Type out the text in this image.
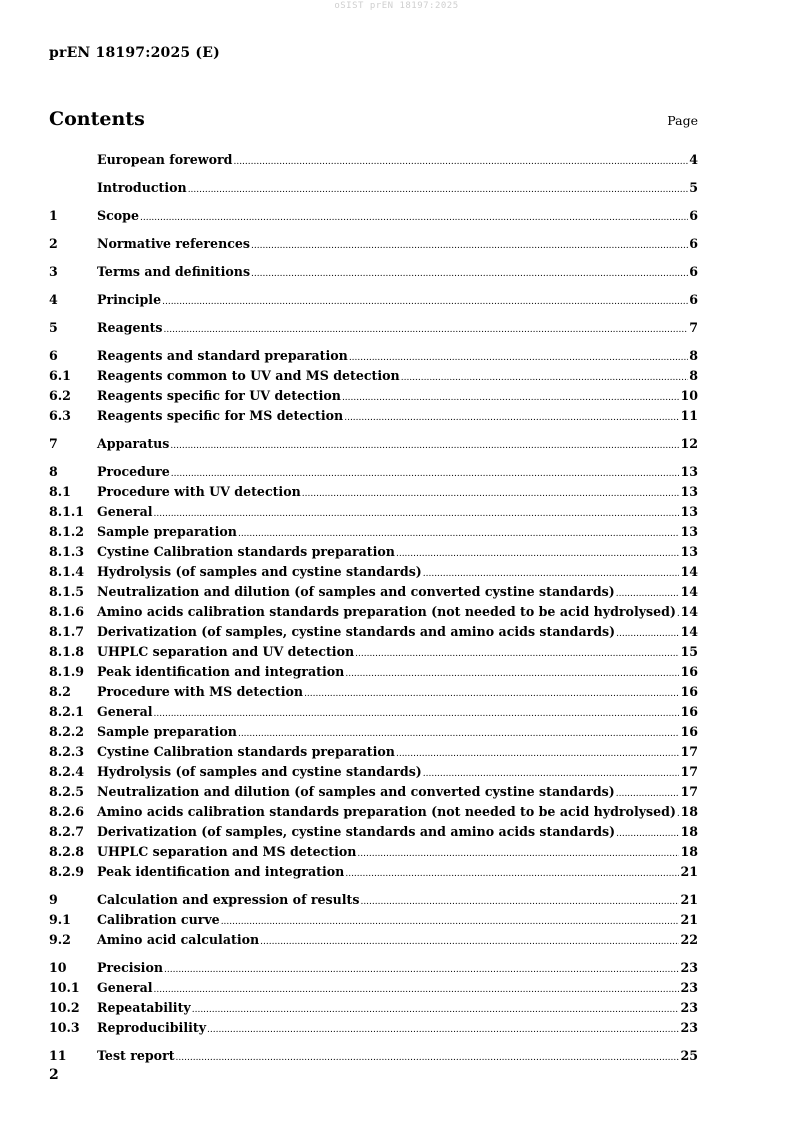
oSIST prEN 18197:2025
prEN 18197:2025 (E)
Contents	Page
European foreword .....	4
Introduction .....	5
1	Scope .....	6
2	Normative references .....	6
3	Terms and definitions .....	6
4	Principle .....	6
5	Reagents .....	7
6	Reagents and standard preparation .....	8
6.1	Reagents common to UV and MS detection .....	8
6.2	Reagents specific for UV detection .....	10
6.3	Reagents specific for MS detection .....	11
7	Apparatus .....	12
8	Procedure .....	13
8.1	Procedure with UV detection .....	13
8.1.1	General .....	13
8.1.2	Sample preparation .....	13
8.1.3	Cystine Calibration standards preparation .....	13
8.1.4	Hydrolysis (of samples and cystine standards) .....	14
8.1.5	Neutralization and dilution (of samples and converted cystine standards) .....	14
8.1.6	Amino acids calibration standards preparation (not needed to be acid hydrolysed) ..... 14
8.1.7	Derivatization (of samples, cystine standards and amino acids standards) .....	14
8.1.8	UHPLC separation and UV detection .....	15
8.1.9	Peak identification and integration .....	16
8.2	Procedure with MS detection .....	16
8.2.1	General .....	16
8.2.2	Sample preparation .....	16
8.2.3	Cystine Calibration standards preparation .....	17
8.2.4	Hydrolysis (of samples and cystine standards) .....	17
8.2.5	Neutralization and dilution (of samples and converted cystine standards) .....	17
8.2.6	Amino acids calibration standards preparation (not needed to be acid hydrolysed) ..... 18
8.2.7	Derivatization (of samples, cystine standards and amino acids standards) .....	18
8.2.8	UHPLC separation and MS detection .....	18
8.2.9	Peak identification and integration .....	21
9	Calculation and expression of results .....	21
9.1	Calibration curve .....	21
9.2	Amino acid calculation .....	22
10	Precision .....	23
10.1	General .....	23
10.2	Repeatability .....	23
10.3	Reproducibility .....	23
11	Test report .....	25
2
